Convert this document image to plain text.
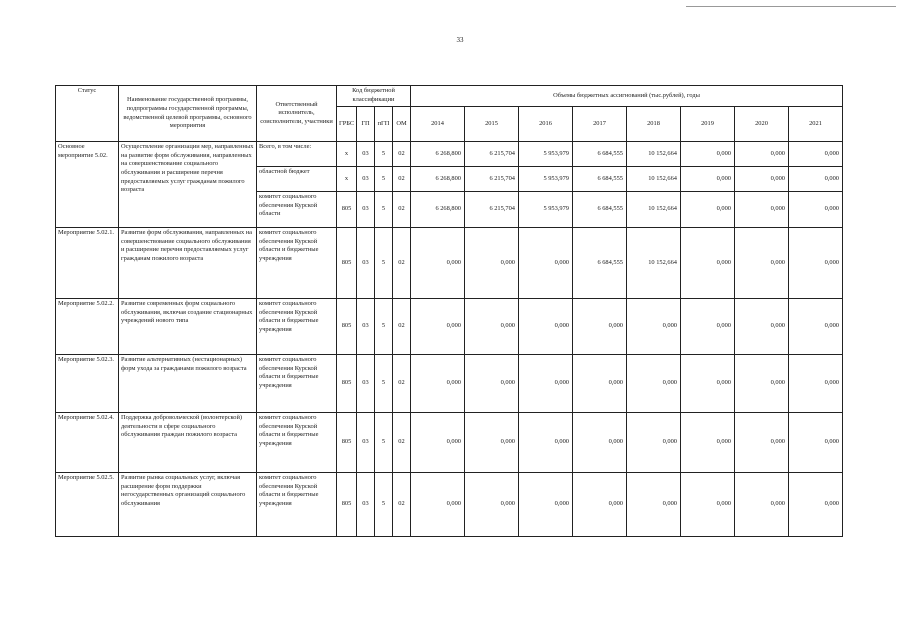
33
Статус	Наименование государственной программы, подпрограммы государственной программы, ведомственной целевой программы, основного мероприятия	Ответственный исполнитель, соисполнители, участники	Код бюджетной классификации				Объемы бюджетных ассигнований (тыс.рублей), годы							
			ГРБС	ГП	пГП	ОМ	2014	2015	2016	2017	2018	2019	2020	2021
Основное мероприятие 5.02.	Осуществление организации мер, направленных на развитие форм обслуживания, направленных на совершенствование социального обслуживания и расширение перечня предоставляемых услуг гражданам пожилого возраста	Всего, в том числе:	х	03	5	02	6 268,800	6 215,704	5 953,979	6 684,555	10 152,664	0,000	0,000	0,000
		областной бюджет	х	03	5	02	6 268,800	6 215,704	5 953,979	6 684,555	10 152,664	0,000	0,000	0,000
		комитет социального обеспечения Курской области	805	03	5	02	6 268,800	6 215,704	5 953,979	6 684,555	10 152,664	0,000	0,000	0,000
Мероприятие 5.02.1.	Развитие форм обслуживания, направленных на совершенствование социального обслуживания и расширение перечня предоставляемых услуг гражданам пожилого возраста	комитет социального обеспечения Курской области и бюджетные учреждения	805	03	5	02	0,000	0,000	0,000	6 684,555	10 152,664	0,000	0,000	0,000
Мероприятие 5.02.2.	Развитие современных форм социального обслуживания, включая создание стационарных учреждений нового типа	комитет социального обеспечения Курской области и бюджетные учреждения	805	03	5	02	0,000	0,000	0,000	0,000	0,000	0,000	0,000	0,000
Мероприятие 5.02.3.	Развитие альтернативных (нестационарных) форм ухода за гражданами пожилого возраста	комитет социального обеспечения Курской области и бюджетные учреждения	805	03	5	02	0,000	0,000	0,000	0,000	0,000	0,000	0,000	0,000
Мероприятие 5.02.4.	Поддержка добровольческой (волонтерской) деятельности в сфере социального обслуживания граждан пожилого возраста	комитет социального обеспечения Курской области и бюджетные учреждения	805	03	5	02	0,000	0,000	0,000	0,000	0,000	0,000	0,000	0,000
Мероприятие 5.02.5.	Развитие рынка социальных услуг, включая расширение форм поддержки негосударственных организаций социального обслуживания	комитет социального обеспечения Курской области и бюджетные учреждения	805	03	5	02	0,000	0,000	0,000	0,000	0,000	0,000	0,000	0,000
